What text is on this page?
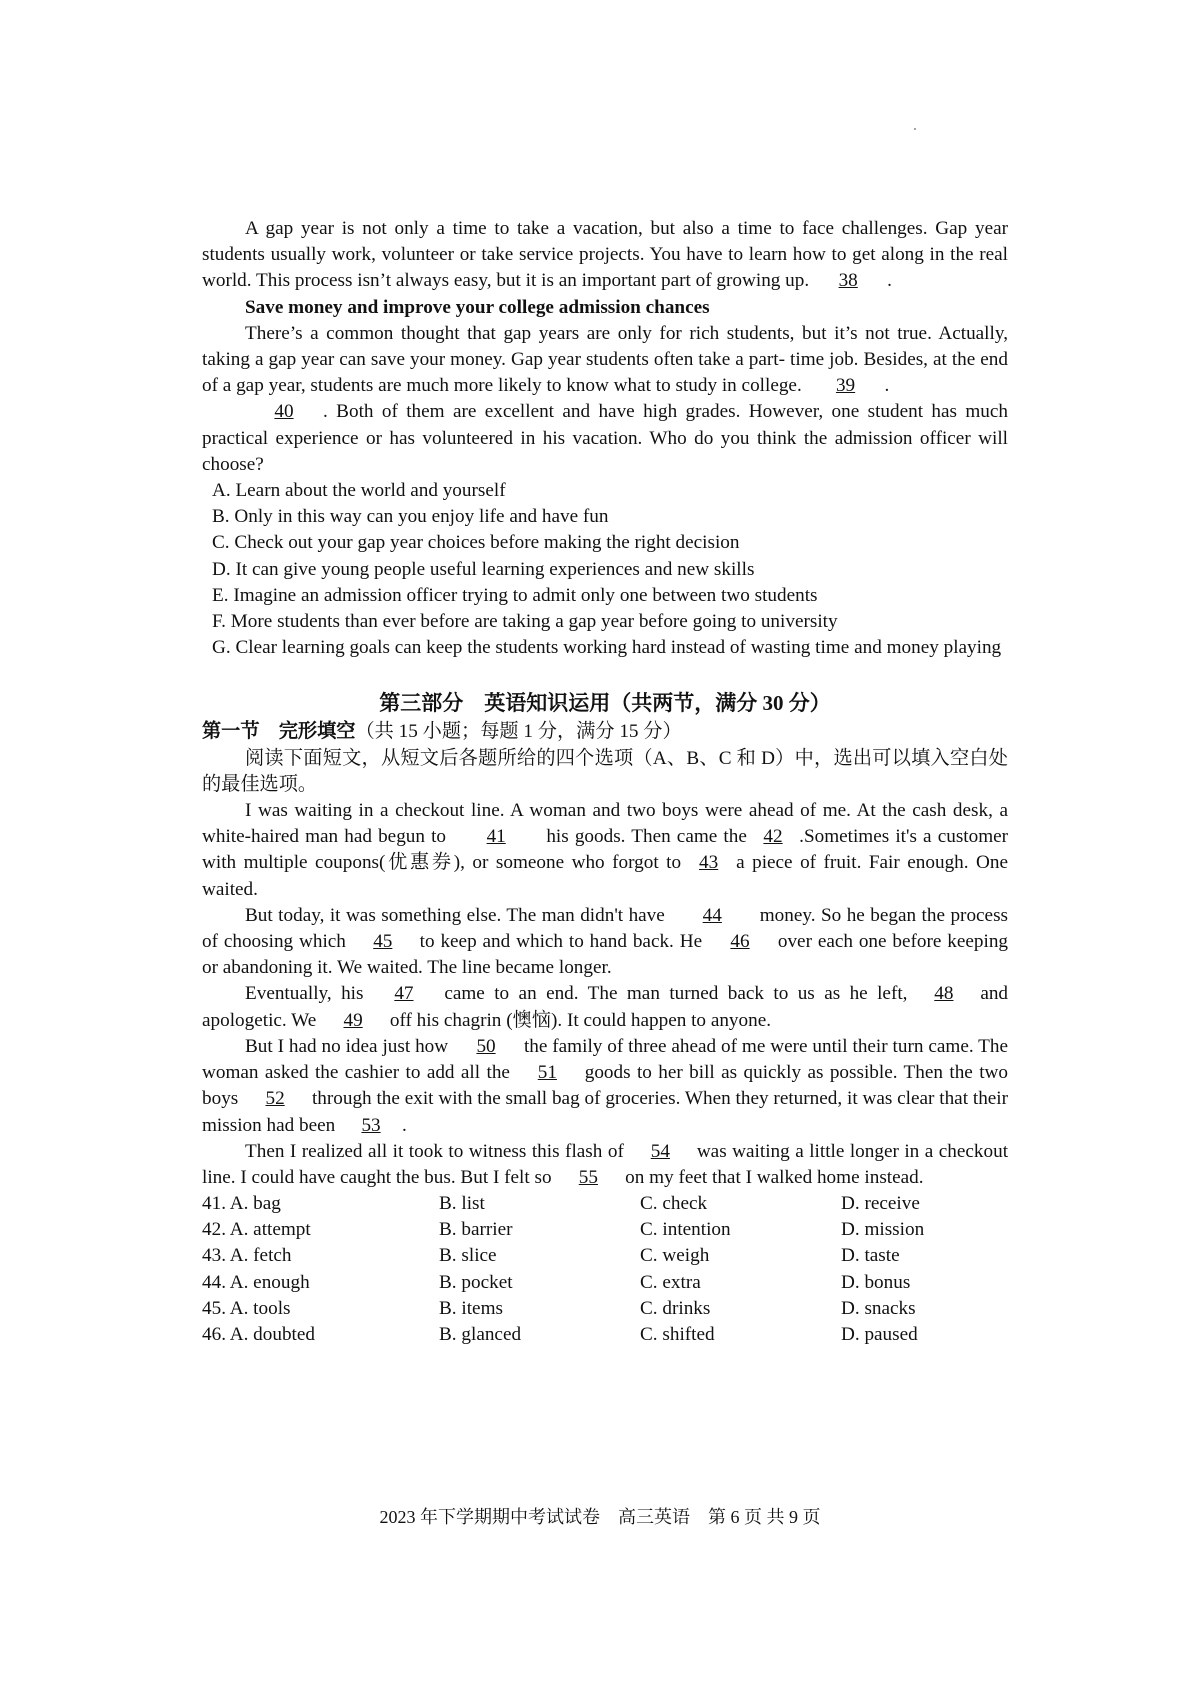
A gap year is not only a time to take a vacation, but also a time to face challenges. Gap year students usually work, volunteer or take service projects. You have to learn how to get along in the real world. This process isn’t always easy, but it is an important part of growing up. 38 .

Save money and improve your college admission chances

There’s a common thought that gap years are only for rich students, but it’s not true. Actually, taking a gap year can save your money. Gap year students often take a part- time job. Besides, at the end of a gap year, students are much more likely to know what to study in college. 39 .

40 . Both of them are excellent and have high grades. However, one student has much practical experience or has volunteered in his vacation. Who do you think the admission officer will choose?

A. Learn about the world and yourself

B. Only in this way can you enjoy life and have fun

C. Check out your gap year choices before making the right decision

D. It can give young people useful learning experiences and new skills

E. Imagine an admission officer trying to admit only one between two students

F. More students than ever before are taking a gap year before going to university

G. Clear learning goals can keep the students working hard instead of wasting time and money playing

第三部分　英语知识运用（共两节，满分 30 分）

第一节　完形填空（共 15 小题；每题 1 分，满分 15 分）

阅读下面短文，从短文后各题所给的四个选项（A、B、C 和 D）中，选出可以填入空白处的最佳选项。

I was waiting in a checkout line. A woman and two boys were ahead of me. At the cash desk, a white-haired man had begun to 41 his goods. Then came the 42 .Sometimes it's a customer with multiple coupons(优惠券), or someone who forgot to 43 a piece of fruit. Fair enough. One waited.

But today, it was something else. The man didn't have 44 money. So he began the process of choosing which 45 to keep and which to hand back. He 46 over each one before keeping or abandoning it. We waited. The line became longer.

Eventually, his 47 came to an end. The man turned back to us as he left, 48 and apologetic. We 49 off his chagrin (懊恼). It could happen to anyone.

But I had no idea just how 50 the family of three ahead of me were until their turn came. The woman asked the cashier to add all the 51 goods to her bill as quickly as possible. Then the two boys 52 through the exit with the small bag of groceries. When they returned, it was clear that their mission had been 53 .

Then I realized all it took to witness this flash of 54 was waiting a little longer in a checkout line. I could have caught the bus. But I felt so 55 on my feet that I walked home instead.

41. A. bag	B. list	C. check	D. receive
42. A. attempt	B. barrier	C. intention	D. mission
43. A. fetch	B. slice	C. weigh	D. taste
44. A. enough	B. pocket	C. extra	D. bonus
45. A. tools	B. items	C. drinks	D. snacks
46. A. doubted	B. glanced	C. shifted	D. paused
2023 年下学期期中考试试卷　高三英语　第 6 页 共 9 页
